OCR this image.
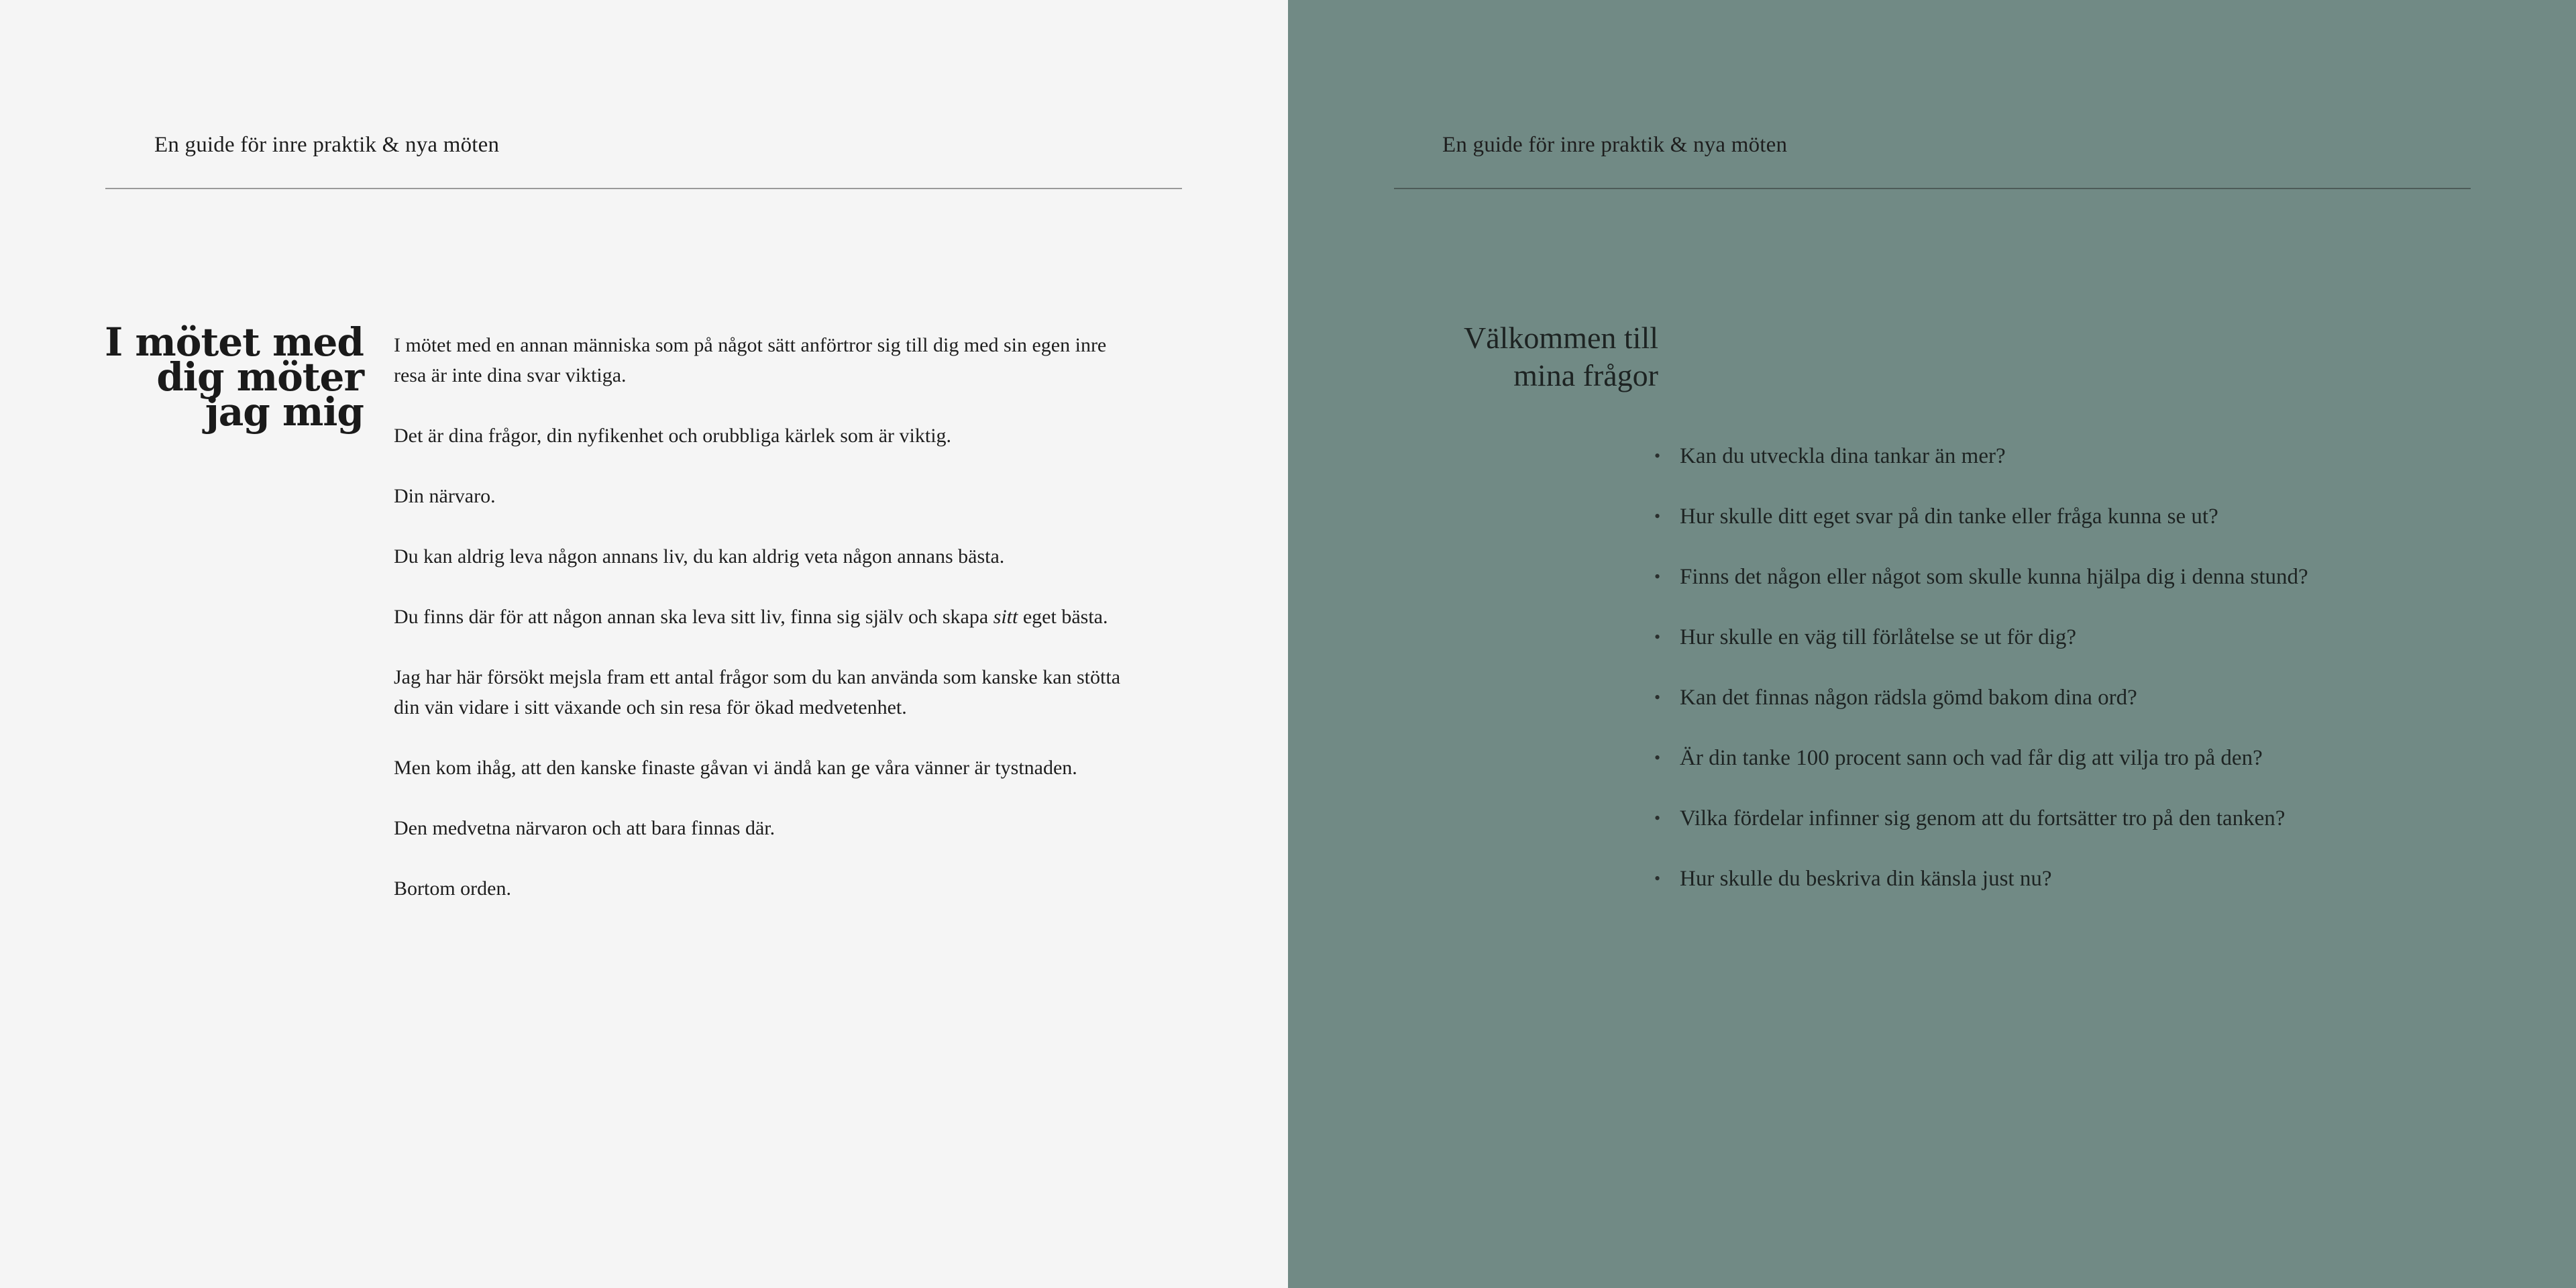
En guide för inre praktik & nya möten
I mötet med
dig möter
jag mig

I mötet med en annan människa som på något sätt anförtror sig till dig med sin egen inre resa är inte dina svar viktiga.

Det är dina frågor, din nyfikenhet och orubbliga kärlek som är viktig.

Din närvaro.

Du kan aldrig leva någon annans liv, du kan aldrig veta någon annans bästa.

Du finns där för att någon annan ska leva sitt liv, finna sig själv och skapa sitt eget bästa.

Jag har här försökt mejsla fram ett antal frågor som du kan använda som kanske kan stötta din vän vidare i sitt växande och sin resa för ökad medvetenhet.

Men kom ihåg, att den kanske finaste gåvan vi ändå kan ge våra vänner är tystnaden.

Den medvetna närvaron och att bara finnas där.

Bortom orden.

En guide för inre praktik & nya möten
Välkommen till
mina frågor
• Kan du utveckla dina tankar än mer?
• Hur skulle ditt eget svar på din tanke eller fråga kunna se ut?
• Finns det någon eller något som skulle kunna hjälpa dig i denna stund?
• Hur skulle en väg till förlåtelse se ut för dig?
• Kan det finnas någon rädsla gömd bakom dina ord?
• Är din tanke 100 procent sann och vad får dig att vilja tro på den?
• Vilka fördelar infinner sig genom att du fortsätter tro på den tanken?
• Hur skulle du beskriva din känsla just nu?
